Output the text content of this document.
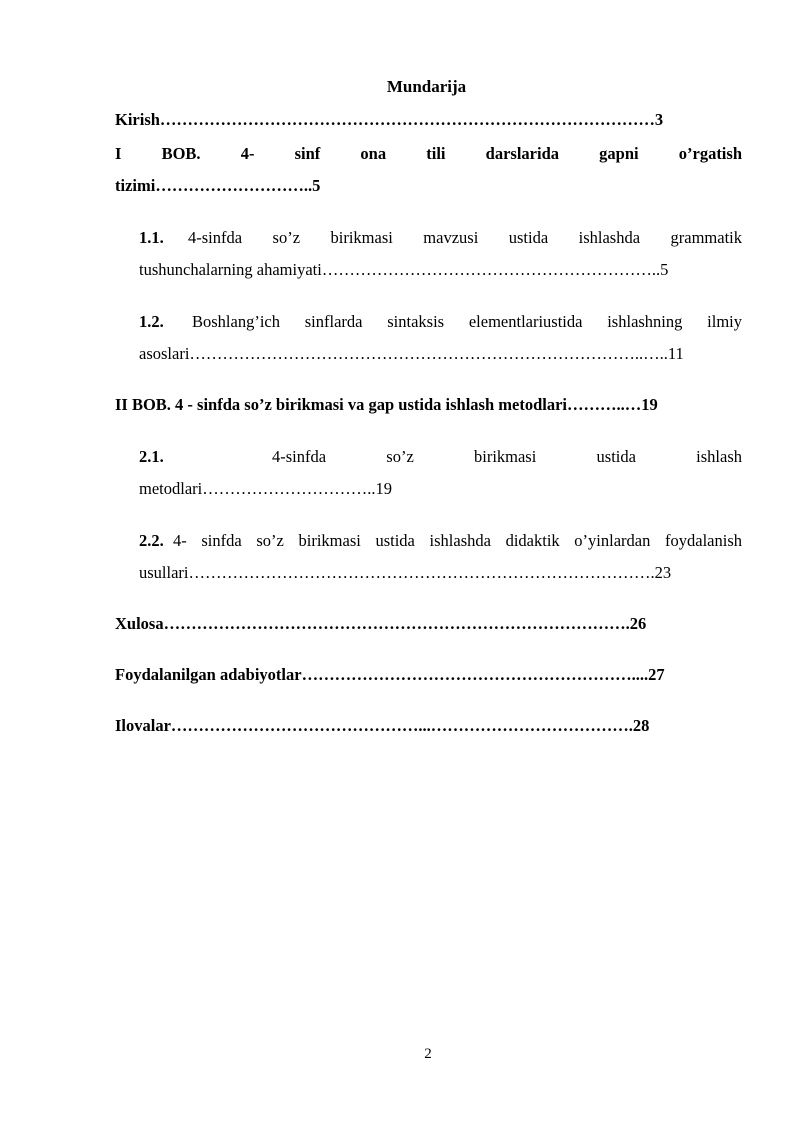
Mundarija
Kirish………………………………………………………………………………3
I BOB. 4- sinf ona tili darslarida gapni o’rgatish
tizimi………………………..5
1.1. 4-sinfda so’z birikmasi mavzusi ustida ishlashda grammatik
tushunchalarning ahamiyati……………………………………………………..5
1.2. Boshlang’ich sinflarda sintaksis elementlariustida ishlashning ilmiy
asoslari………………………………………………………………………..…..11
II BOB. 4 - sinfda so’z birikmasi va gap ustida ishlash metodlari………..…19
2.1.	4-sinfda so’z birikmasi ustida ishlash
metodlari…………………………..19
2.2. 4- sinfda so’z birikmasi ustida ishlashda didaktik o’yinlardan foydalanish
usullari………………………………………………………………………….23
Xulosa………………………………………………………………………….26
Foydalanilgan adabiyotlar……………………………………………………....27
Ilovalar………………………………………...……………………………….28
2
